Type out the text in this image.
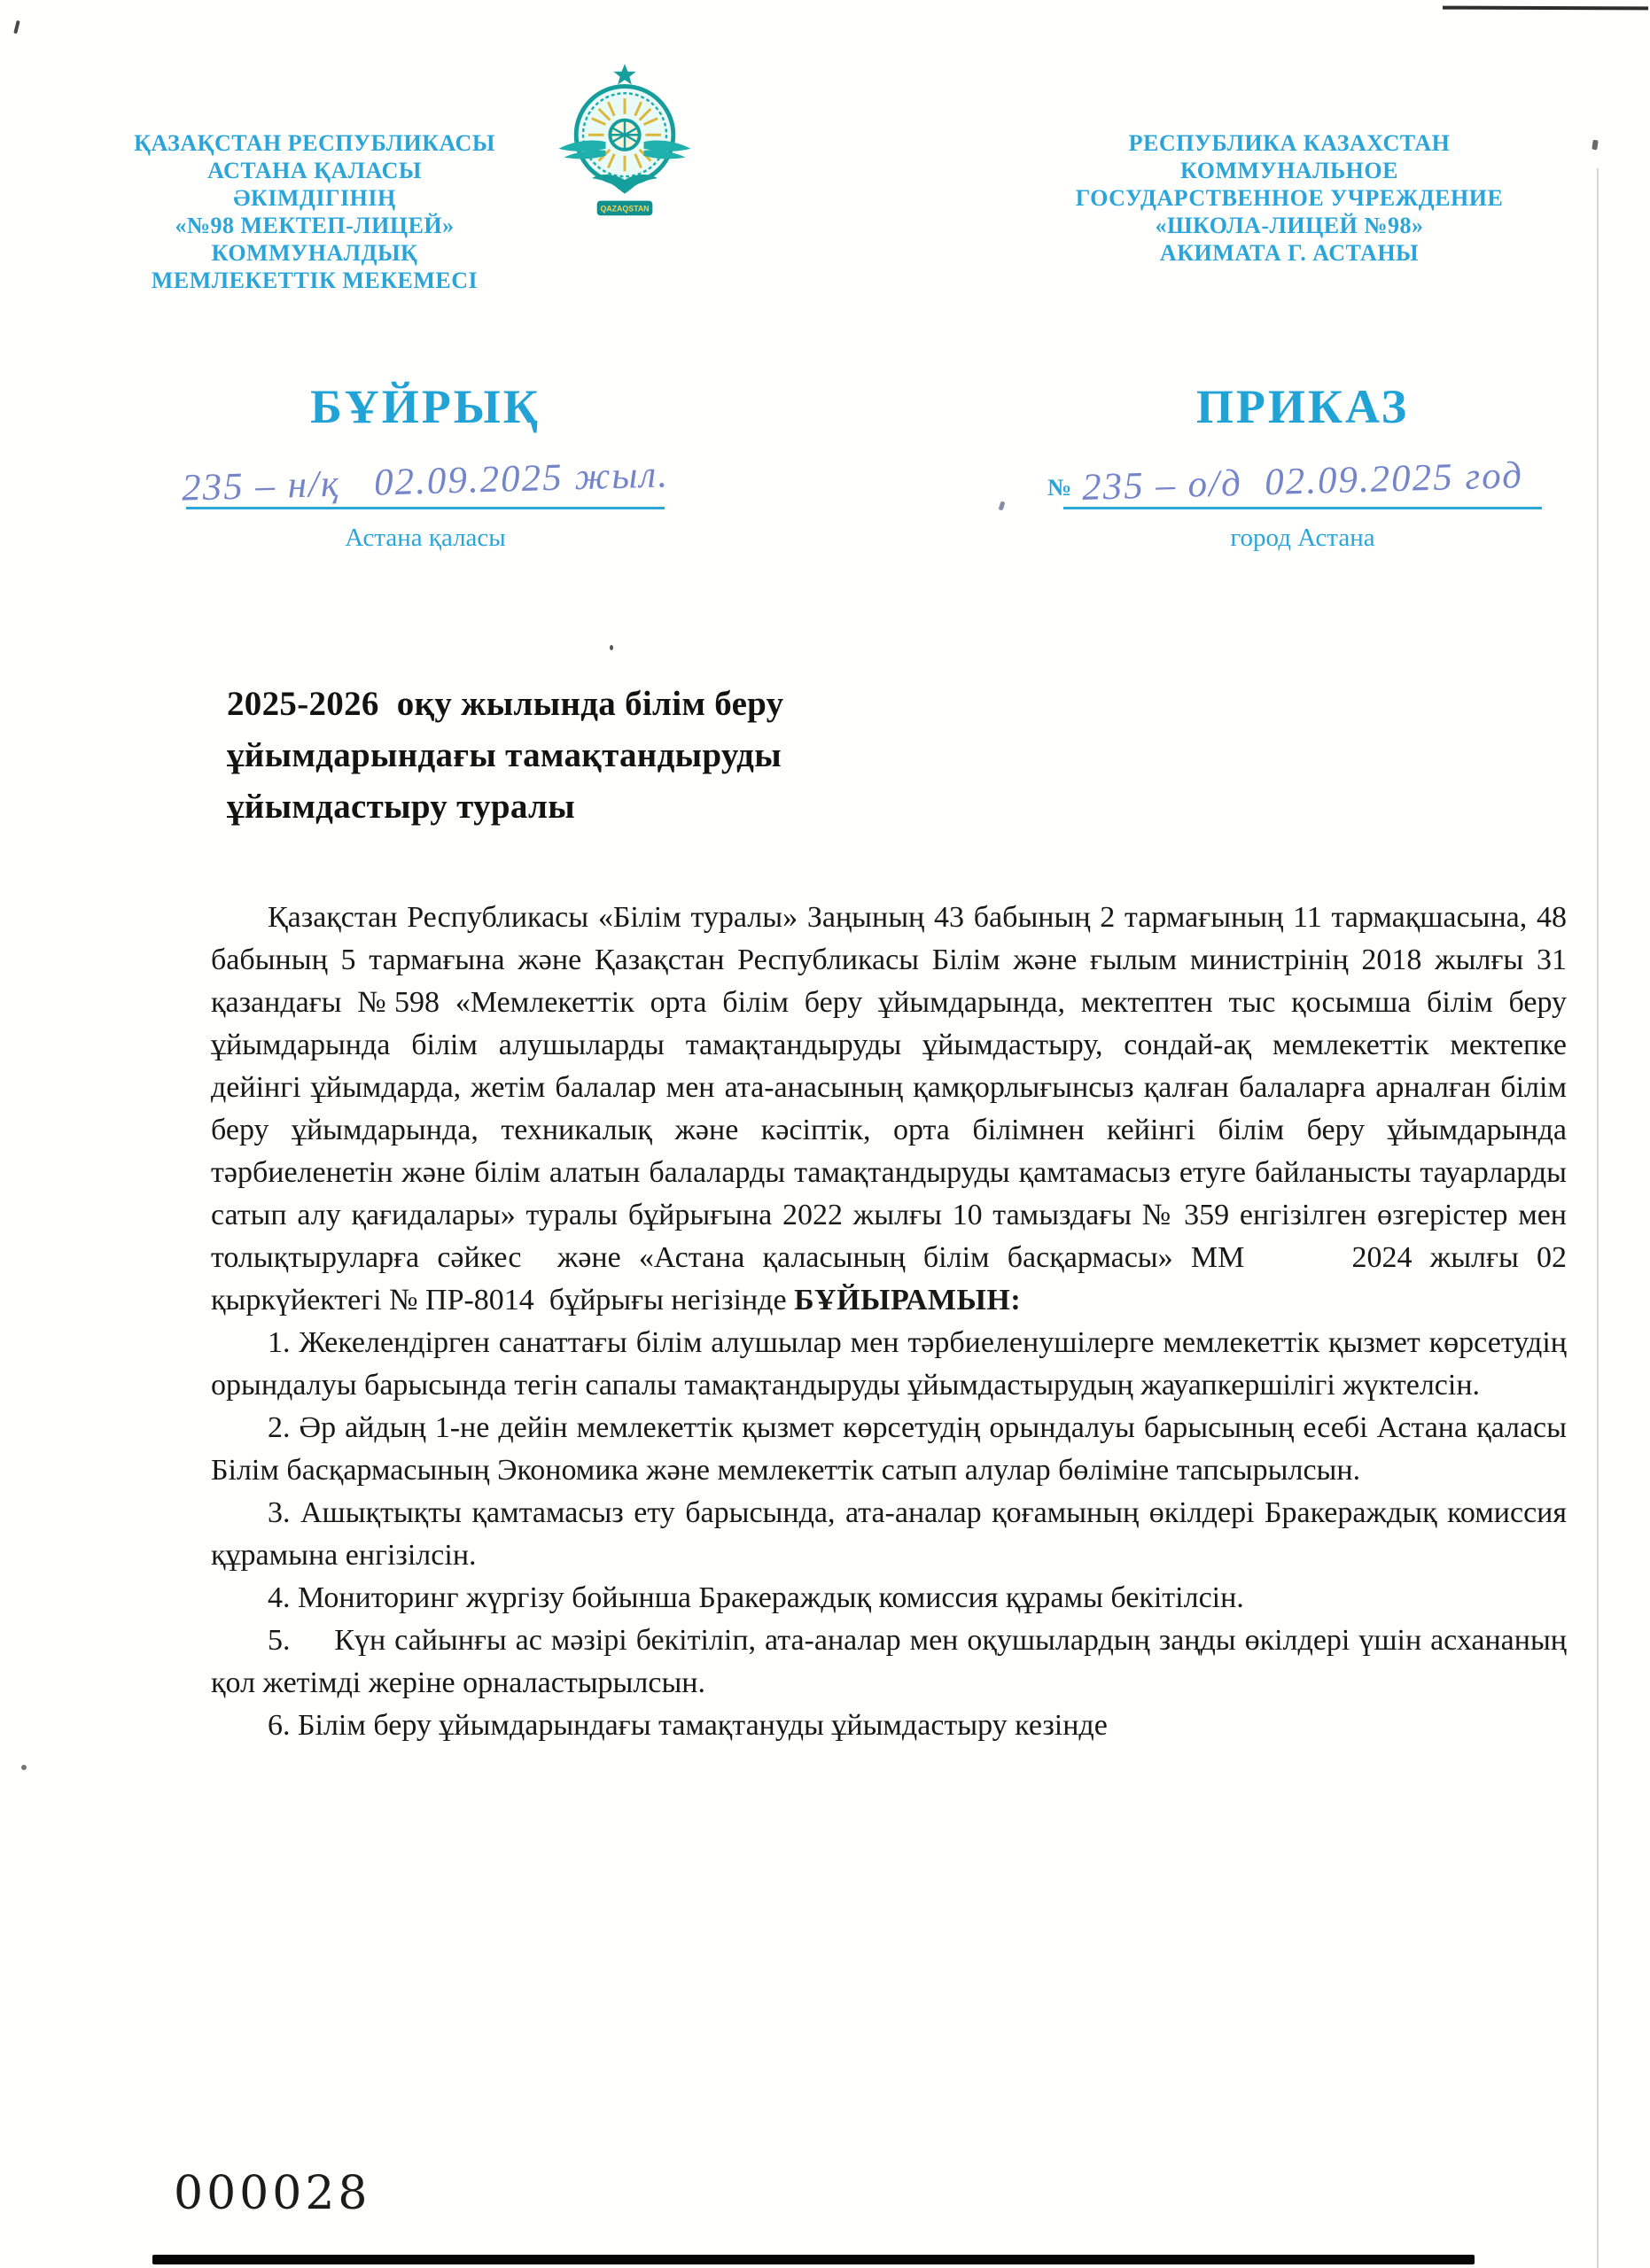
ҚАЗАҚСТАН РЕСПУБЛИКАСЫ
АСТАНА ҚАЛАСЫ
ӘКІМДІГІНІҢ
«№98 МЕКТЕП-ЛИЦЕЙ» КОММУНАЛДЫҚ
МЕМЛЕКЕТТІК МЕКЕМЕСІ
QAZAQSTAN
РЕСПУБЛИКА КАЗАХСТАН
КОММУНАЛЬНОЕ
ГОСУДАРСТВЕННОЕ УЧРЕЖДЕНИЕ
«ШКОЛА-ЛИЦЕЙ №98»
АКИМАТА Г. АСТАНЫ
БҰЙРЫҚ
235 – н/қ   02.09.2025 жыл.
Астана қаласы
ПРИКАЗ
№ 235 – о/д  02.09.2025 год
город Астана
2025-2026  оқу жылында білім беру
ұйымдарындағы тамақтандыруды
ұйымдастыру туралы

Қазақстан Республикасы «Білім туралы» Заңының 43 бабының 2 тармағының 11 тармақшасына, 48 бабының 5 тармағына және Қазақстан Республикасы Білім және ғылым министрінің 2018 жылғы 31 қазандағы №598 «Мемлекеттік орта білім беру ұйымдарында, мектептен тыс қосымша білім беру ұйымдарында білім алушыларды тамақтандыруды ұйымдастыру, сондай-ақ мемлекеттік мектепке дейінгі ұйымдарда, жетім балалар мен ата-анасының қамқорлығынсыз қалған балаларға арналған білім беру ұйымдарында, техникалық және кәсіптік, орта білімнен кейінгі білім беру ұйымдарында тәрбиеленетін және білім алатын балаларды тамақтандыруды қамтамасыз етуге байланысты тауарларды сатып алу қағидалары» туралы бұйрығына 2022 жылғы 10 тамыздағы № 359 енгізілген өзгерістер мен толықтыруларға сәйкес  және «Астана қаласының білім басқармасы» ММ      2024 жылғы 02 қыркүйектегі № ПР-8014  бұйрығы негізінде БҰЙЫРАМЫН:

1. Жекелендірген санаттағы білім алушылар мен тәрбиеленушілерге мемлекеттік қызмет көрсетудің орындалуы барысында тегін сапалы тамақтандыруды ұйымдастырудың жауапкершілігі жүктелсін.

2. Әр айдың 1-не дейін мемлекеттік қызмет көрсетудің орындалуы барысының есебі Астана қаласы Білім басқармасының Экономика және мемлекеттік сатып алулар бөліміне тапсырылсын.

3. Ашықтықты қамтамасыз ету барысында, ата-аналар қоғамының өкілдері Бракераждық комиссия құрамына енгізілсін.

4. Мониторинг жүргізу бойынша Бракераждық комиссия құрамы бекітілсін.

5.     Күн сайынғы ас мәзірі бекітіліп, ата-аналар мен оқушылардың заңды өкілдері үшін асхананың қол жетімді жеріне орналастырылсын.

6. Білім беру ұйымдарындағы тамақтануды ұйымдастыру кезінде

000028
